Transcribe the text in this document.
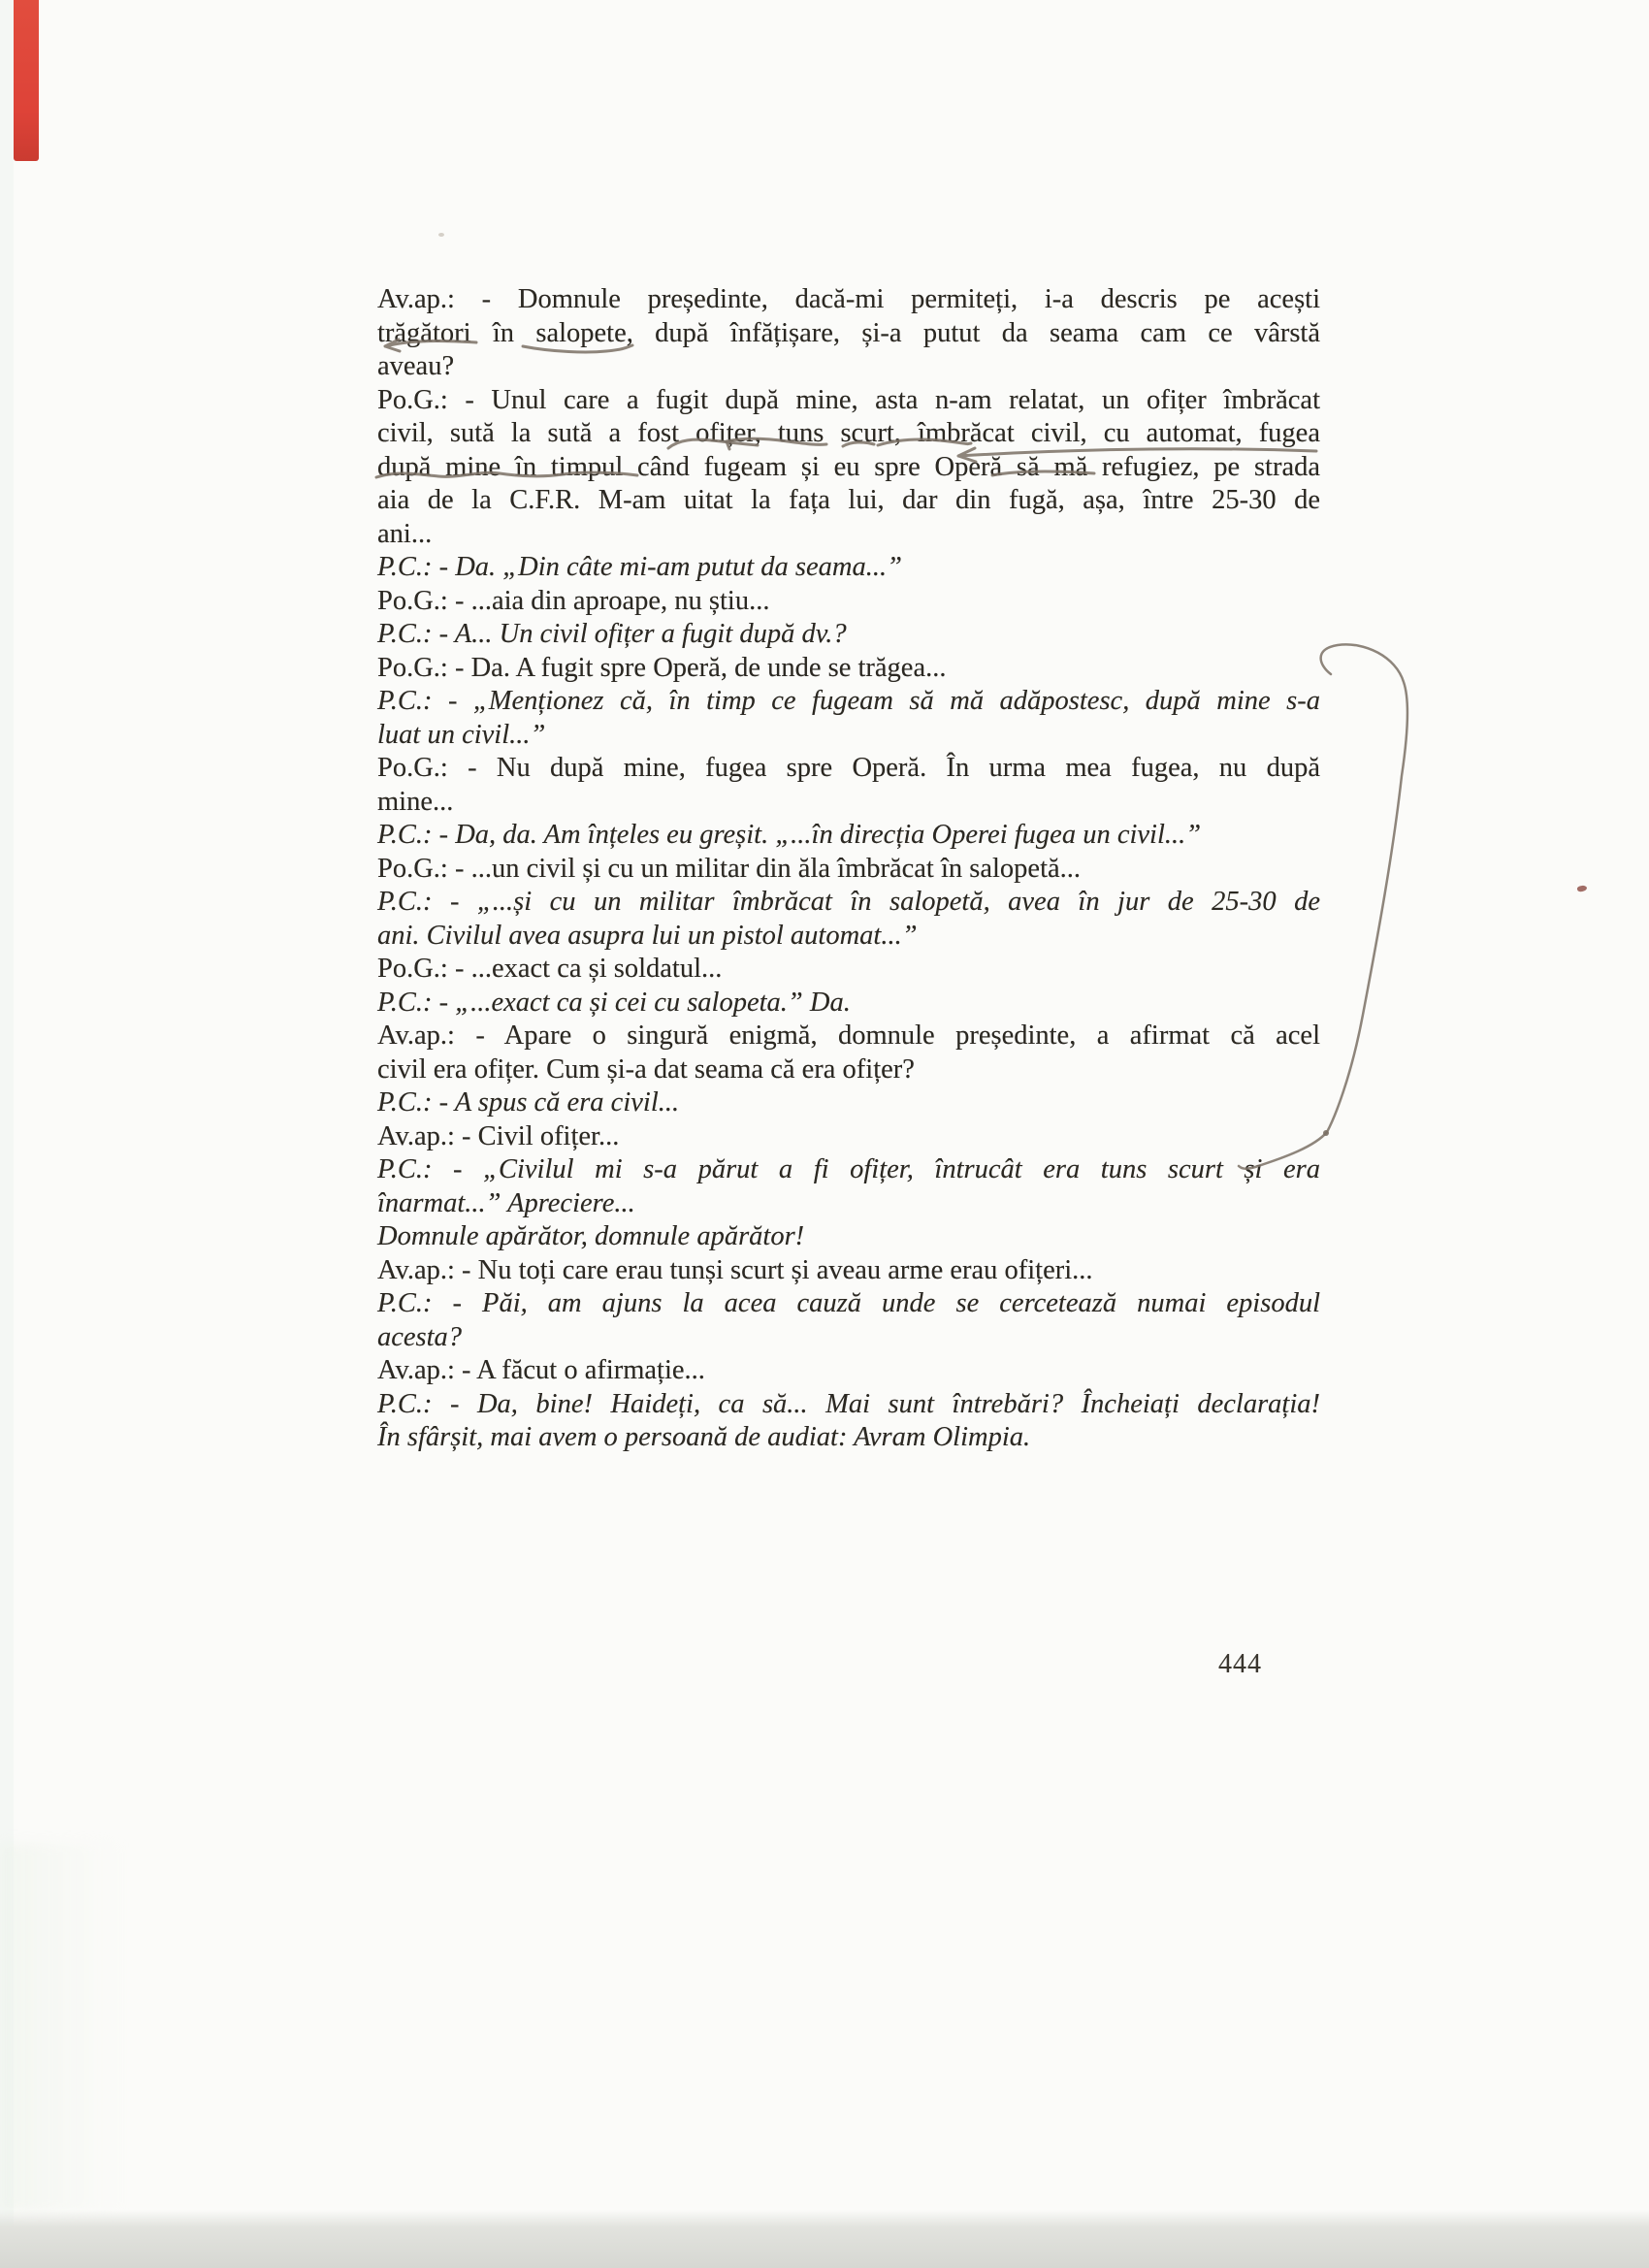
Av.ap.: - Domnule președinte, dacă-mi permiteți, i-a descris pe acești
trăgători în salopete, după înfățișare, și-a putut da seama cam ce vârstă
aveau?

Po.G.: - Unul care a fugit după mine, asta n-am relatat, un ofițer îmbrăcat
civil, sută la sută a fost ofițer, tuns scurt, îmbrăcat civil, cu automat, fugea
după mine în timpul când fugeam și eu spre Operă să mă refugiez, pe strada
aia de la C.F.R. M-am uitat la fața lui, dar din fugă, așa, între 25-30 de
ani...

P.C.: - Da. „Din câte mi-am putut da seama...”

Po.G.: - ...aia din aproape, nu știu...

P.C.: - A... Un civil ofițer a fugit după dv.?

Po.G.: - Da. A fugit spre Operă, de unde se trăgea...

P.C.: - „Menționez că, în timp ce fugeam să mă adăpostesc, după mine s-a
luat un civil...”

Po.G.: - Nu după mine, fugea spre Operă. În urma mea fugea, nu după
mine...

P.C.: - Da, da. Am înțeles eu greșit. „...în direcția Operei fugea un civil...”

Po.G.: - ...un civil și cu un militar din ăla îmbrăcat în salopetă...

P.C.: - „...și cu un militar îmbrăcat în salopetă, avea în jur de 25-30 de
ani. Civilul avea asupra lui un pistol automat...”

Po.G.: - ...exact ca și soldatul...

P.C.: - „...exact ca și cei cu salopeta.” Da.

Av.ap.: - Apare o singură enigmă, domnule președinte, a afirmat că acel
civil era ofițer. Cum și-a dat seama că era ofițer?

P.C.: - A spus că era civil...

Av.ap.: - Civil ofițer...

P.C.: - „Civilul mi s-a părut a fi ofițer, întrucât era tuns scurt și era
înarmat...” Apreciere...

Domnule apărător, domnule apărător!

Av.ap.: - Nu toți care erau tunși scurt și aveau arme erau ofițeri...

P.C.: - Păi, am ajuns la acea cauză unde se cercetează numai episodul
acesta?

Av.ap.: - A făcut o afirmație...

P.C.: - Da, bine! Haideți, ca să... Mai sunt întrebări? Încheiați declarația!
În sfârșit, mai avem o persoană de audiat: Avram Olimpia.

444
